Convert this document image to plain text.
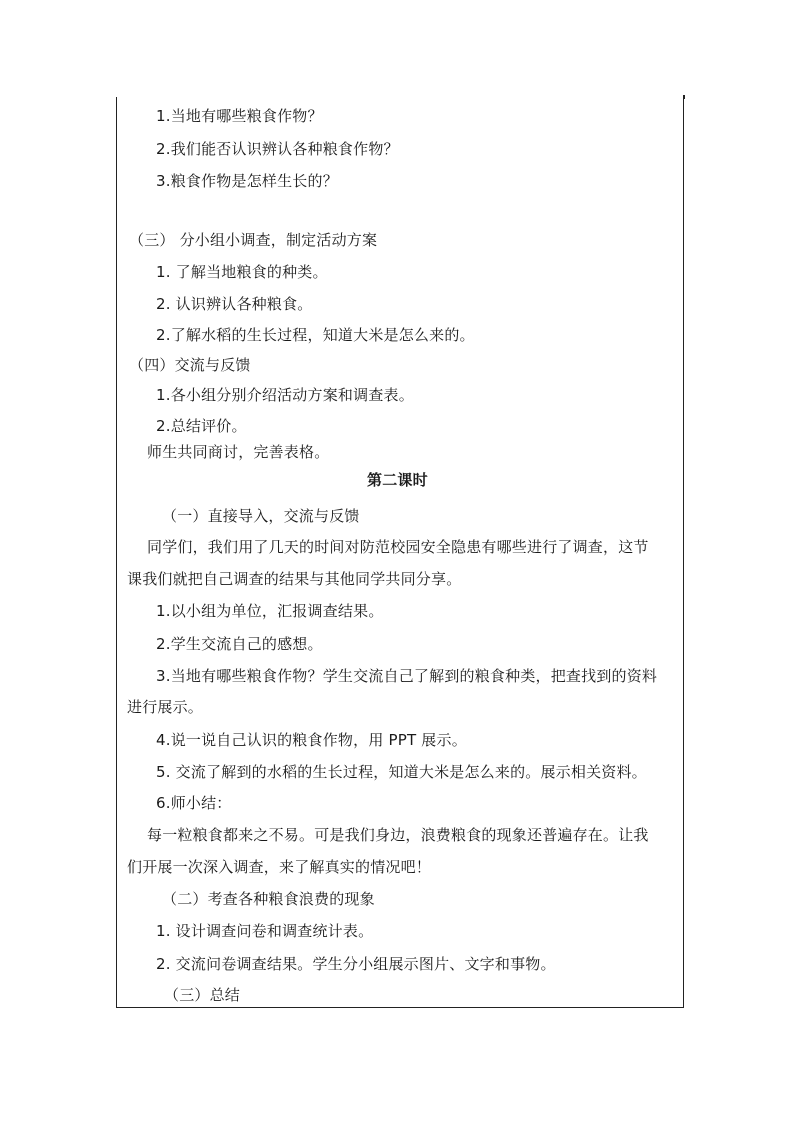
1.当地有哪些粮食作物？
2.我们能否认识辨认各种粮食作物？
3.粮食作物是怎样生长的？
（三） 分小组小调查，制定活动方案
1. 了解当地粮食的种类。
2. 认识辨认各种粮食。
2.了解水稻的生长过程，知道大米是怎么来的。
（四）交流与反馈
1.各小组分别介绍活动方案和调查表。
2.总结评价。
师生共同商讨，完善表格。
第二课时
（一）直接导入，交流与反馈
同学们，我们用了几天的时间对防范校园安全隐患有哪些进行了调查，这节
课我们就把自己调查的结果与其他同学共同分享。
1.以小组为单位，汇报调查结果。
2.学生交流自己的感想。
3.当地有哪些粮食作物？学生交流自己了解到的粮食种类，把查找到的资料
进行展示。
4.说一说自己认识的粮食作物，用 PPT 展示。
5. 交流了解到的水稻的生长过程，知道大米是怎么来的。展示相关资料。
6.师小结：
每一粒粮食都来之不易。可是我们身边，浪费粮食的现象还普遍存在。让我
们开展一次深入调查，来了解真实的情况吧！
（二）考查各种粮食浪费的现象
1. 设计调查问卷和调查统计表。
2. 交流问卷调查结果。学生分小组展示图片、文字和事物。
（三）总结
